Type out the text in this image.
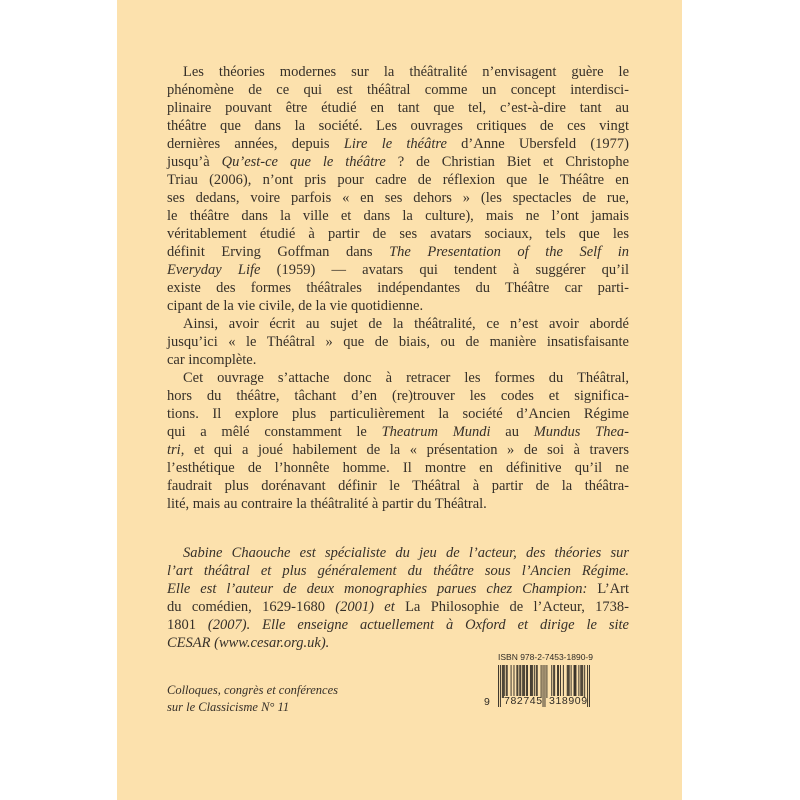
Les théories modernes sur la théâtralité n’envisagent guère le
phénomène de ce qui est théâtral comme un concept interdisci-
plinaire pouvant être étudié en tant que tel, c’est-à-dire tant au
théâtre que dans la société. Les ouvrages critiques de ces vingt
dernières années, depuis Lire le théâtre d’Anne Ubersfeld (1977)
jusqu’à Qu’est-ce que le théâtre ? de Christian Biet et Christophe
Triau (2006), n’ont pris pour cadre de réflexion que le Théâtre en
ses dedans, voire parfois « en ses dehors » (les spectacles de rue,
le théâtre dans la ville et dans la culture), mais ne l’ont jamais
véritablement étudié à partir de ses avatars sociaux, tels que les
définit Erving Goffman dans The Presentation of the Self in
Everyday Life (1959) — avatars qui tendent à suggérer qu’il
existe des formes théâtrales indépendantes du Théâtre car parti-
cipant de la vie civile, de la vie quotidienne.
Ainsi, avoir écrit au sujet de la théâtralité, ce n’est avoir abordé
jusqu’ici « le Théâtral » que de biais, ou de manière insatisfaisante
car incomplète.
Cet ouvrage s’attache donc à retracer les formes du Théâtral,
hors du théâtre, tâchant d’en (re)trouver les codes et significa-
tions. Il explore plus particulièrement la société d’Ancien Régime
qui a mêlé constamment le Theatrum Mundi au Mundus Thea-
tri, et qui a joué habilement de la « présentation » de soi à travers
l’esthétique de l’honnête homme. Il montre en définitive qu’il ne
faudrait plus dorénavant définir le Théâtral à partir de la théâtra-
lité, mais au contraire la théâtralité à partir du Théâtral.
Sabine Chaouche est spécialiste du jeu de l’acteur, des théories sur
l’art théâtral et plus généralement du théâtre sous l’Ancien Régime.
Elle est l’auteur de deux monographies parues chez Champion: L’Art
du comédien, 1629-1680 (2001) et La Philosophie de l’Acteur, 1738-
1801 (2007). Elle enseigne actuellement à Oxford et dirige le site
CESAR (www.cesar.org.uk).
Colloques, congrès et conférences
sur le Classicisme N° 11
ISBN 978-2-7453-1890-9
9 782745 318909
